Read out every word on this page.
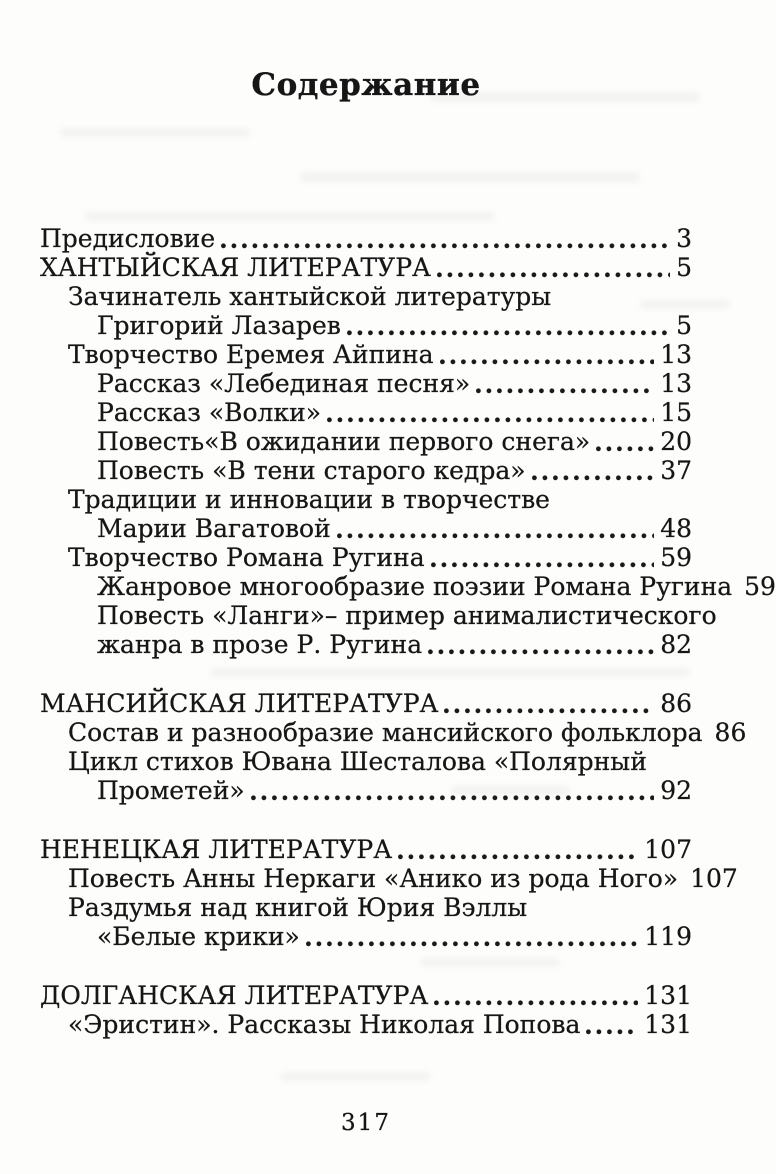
Содержание
Предисловие	3
ХАНТЫЙСКАЯ ЛИТЕРАТУРА	5
Зачинатель хантыйской литературы
Григорий Лазарев	5
Творчество Еремея Айпина	13
Рассказ «Лебединая песня»	13
Рассказ «Волки»	15
Повесть«В ожидании первого снега»	20
Повесть «В тени старого кедра»	37
Традиции и инновации в творчестве
Марии Вагатовой	48
Творчество Романа Ругина	59
Жанровое многообразие поэзии Романа Ругина 59
Повесть «Ланги»– пример анималистического
жанра в прозе Р. Ругина	82
МАНСИЙСКАЯ ЛИТЕРАТУРА	86
Состав и разнообразие мансийского фольклора 86
Цикл стихов Ювана Шесталова «Полярный
Прометей»	92
НЕНЕЦКАЯ ЛИТЕРАТУРА	107
Повесть Анны Неркаги «Анико из рода Ного» 107
Раздумья над книгой Юрия Вэллы
«Белые крики»	119
ДОЛГАНСКАЯ ЛИТЕРАТУРА	131
«Эристин». Рассказы Николая Попова	131
317
